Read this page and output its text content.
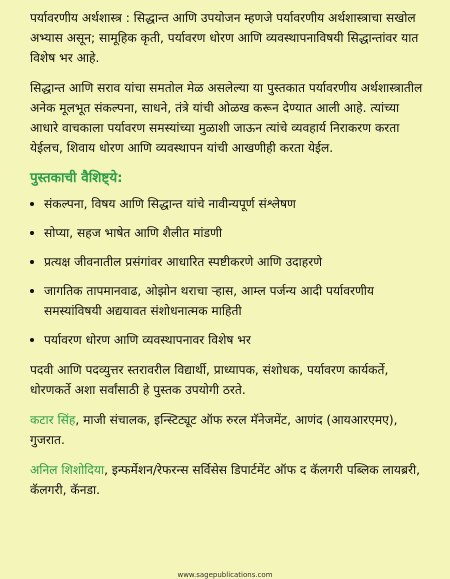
पर्यावरणीय अर्थशास्त्र : सिद्धान्त आणि उपयोजन म्हणजे पर्यावरणीय अर्थशास्त्राचा सखोल अभ्यास असून; सामूहिक कृती, पर्यावरण धोरण आणि व्यवस्थापनाविषयी सिद्धान्तांवर यात विशेष भर आहे.

सिद्धान्त आणि सराव यांचा समतोल मेळ असलेल्या या पुस्तकात पर्यावरणीय अर्थशास्त्रातील अनेक मूलभूत संकल्पना, साधने, तंत्रे यांची ओळख करून देण्यात आली आहे. त्यांच्या आधारे वाचकाला पर्यावरण समस्यांच्या मुळाशी जाऊन त्यांचे व्यवहार्य निराकरण करता येईलच, शिवाय धोरण आणि व्यवस्थापन यांची आखणीही करता येईल.

पुस्तकाची वैशिष्ट्ये:
संकल्पना, विषय आणि सिद्धान्त यांचे नावीन्यपूर्ण संश्लेषण
सोप्या, सहज भाषेत आणि शैलीत मांडणी
प्रत्यक्ष जीवनातील प्रसंगांवर आधारित स्पष्टीकरणे आणि उदाहरणे
जागतिक तापमानवाढ, ओझोन थराचा ऱ्हास, आम्ल पर्जन्य आदी पर्यावरणीय समस्यांविषयी अद्ययावत संशोधनात्मक माहिती
पर्यावरण धोरण आणि व्यवस्थापनावर विशेष भर

पदवी आणि पदव्युत्तर स्तरावरील विद्यार्थी, प्राध्यापक, संशोधक, पर्यावरण कार्यकर्ते, धोरणकर्ते अशा सर्वांसाठी हे पुस्तक उपयोगी ठरते.

कटार सिंह, माजी संचालक, इन्स्टिट्यूट ऑफ रुरल मॅनेजमेंट, आणंद (आयआरएमए), गुजरात.

अनिल शिशोदिया, इन्फर्मेशन/रेफरन्स सर्विसेस डिपार्टमेंट ऑफ द कॅलगरी पब्लिक लायब्ररी, कॅलगरी, कॅनडा.

www.sagepublications.com
